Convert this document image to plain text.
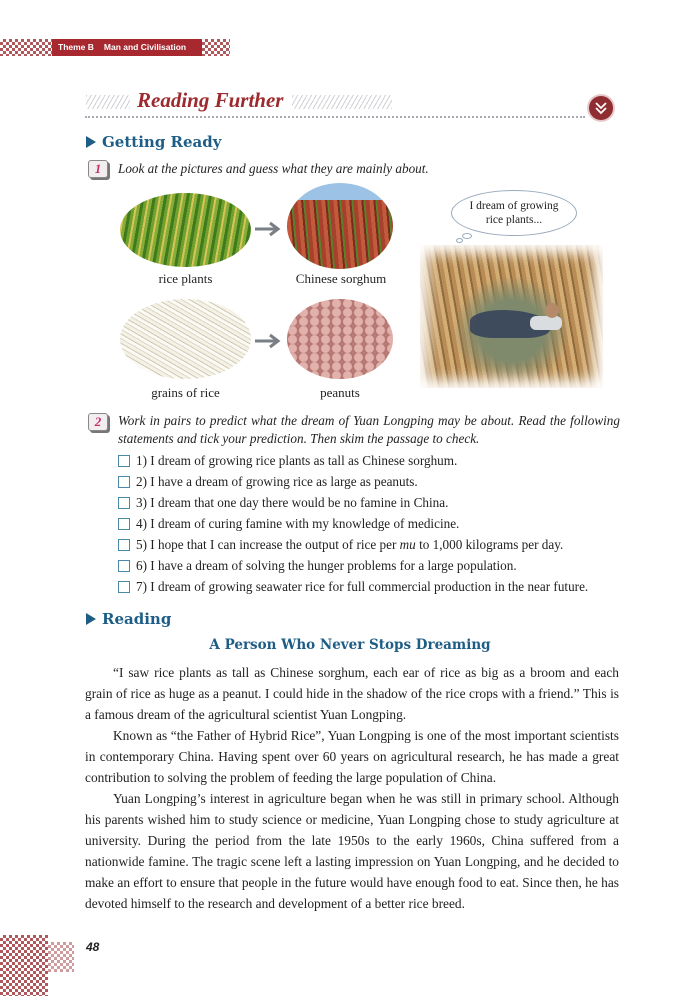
Theme B Man and Civilisation
Reading Further
Getting Ready
1	Look at the pictures and guess what they are mainly about.
rice plants	Chinese sorghum
grains of rice	peanuts
I dream of growing rice plants...
2	Work in pairs to predict what the dream of Yuan Longping may be about. Read the following statements and tick your prediction. Then skim the passage to check.
1) I dream of growing rice plants as tall as Chinese sorghum.
2) I have a dream of growing rice as large as peanuts.
3) I dream that one day there would be no famine in China.
4) I dream of curing famine with my knowledge of medicine.
5) I hope that I can increase the output of rice per mu to 1,000 kilograms per day.
6) I have a dream of solving the hunger problems for a large population.
7) I dream of growing seawater rice for full commercial production in the near future.
Reading
A Person Who Never Stops Dreaming

“I saw rice plants as tall as Chinese sorghum, each ear of rice as big as a broom and each grain of rice as huge as a peanut. I could hide in the shadow of the rice crops with a friend.” This is a famous dream of the agricultural scientist Yuan Longping.

Known as “the Father of Hybrid Rice”, Yuan Longping is one of the most important scientists in contemporary China. Having spent over 60 years on agricultural research, he has made a great contribution to solving the problem of feeding the large population of China.

Yuan Longping’s interest in agriculture began when he was still in primary school. Although his parents wished him to study science or medicine, Yuan Longping chose to study agriculture at university. During the period from the late 1950s to the early 1960s, China suffered from a nationwide famine. The tragic scene left a lasting impression on Yuan Longping, and he decided to make an effort to ensure that people in the future would have enough food to eat. Since then, he has devoted himself to the research and development of a better rice breed.

48
